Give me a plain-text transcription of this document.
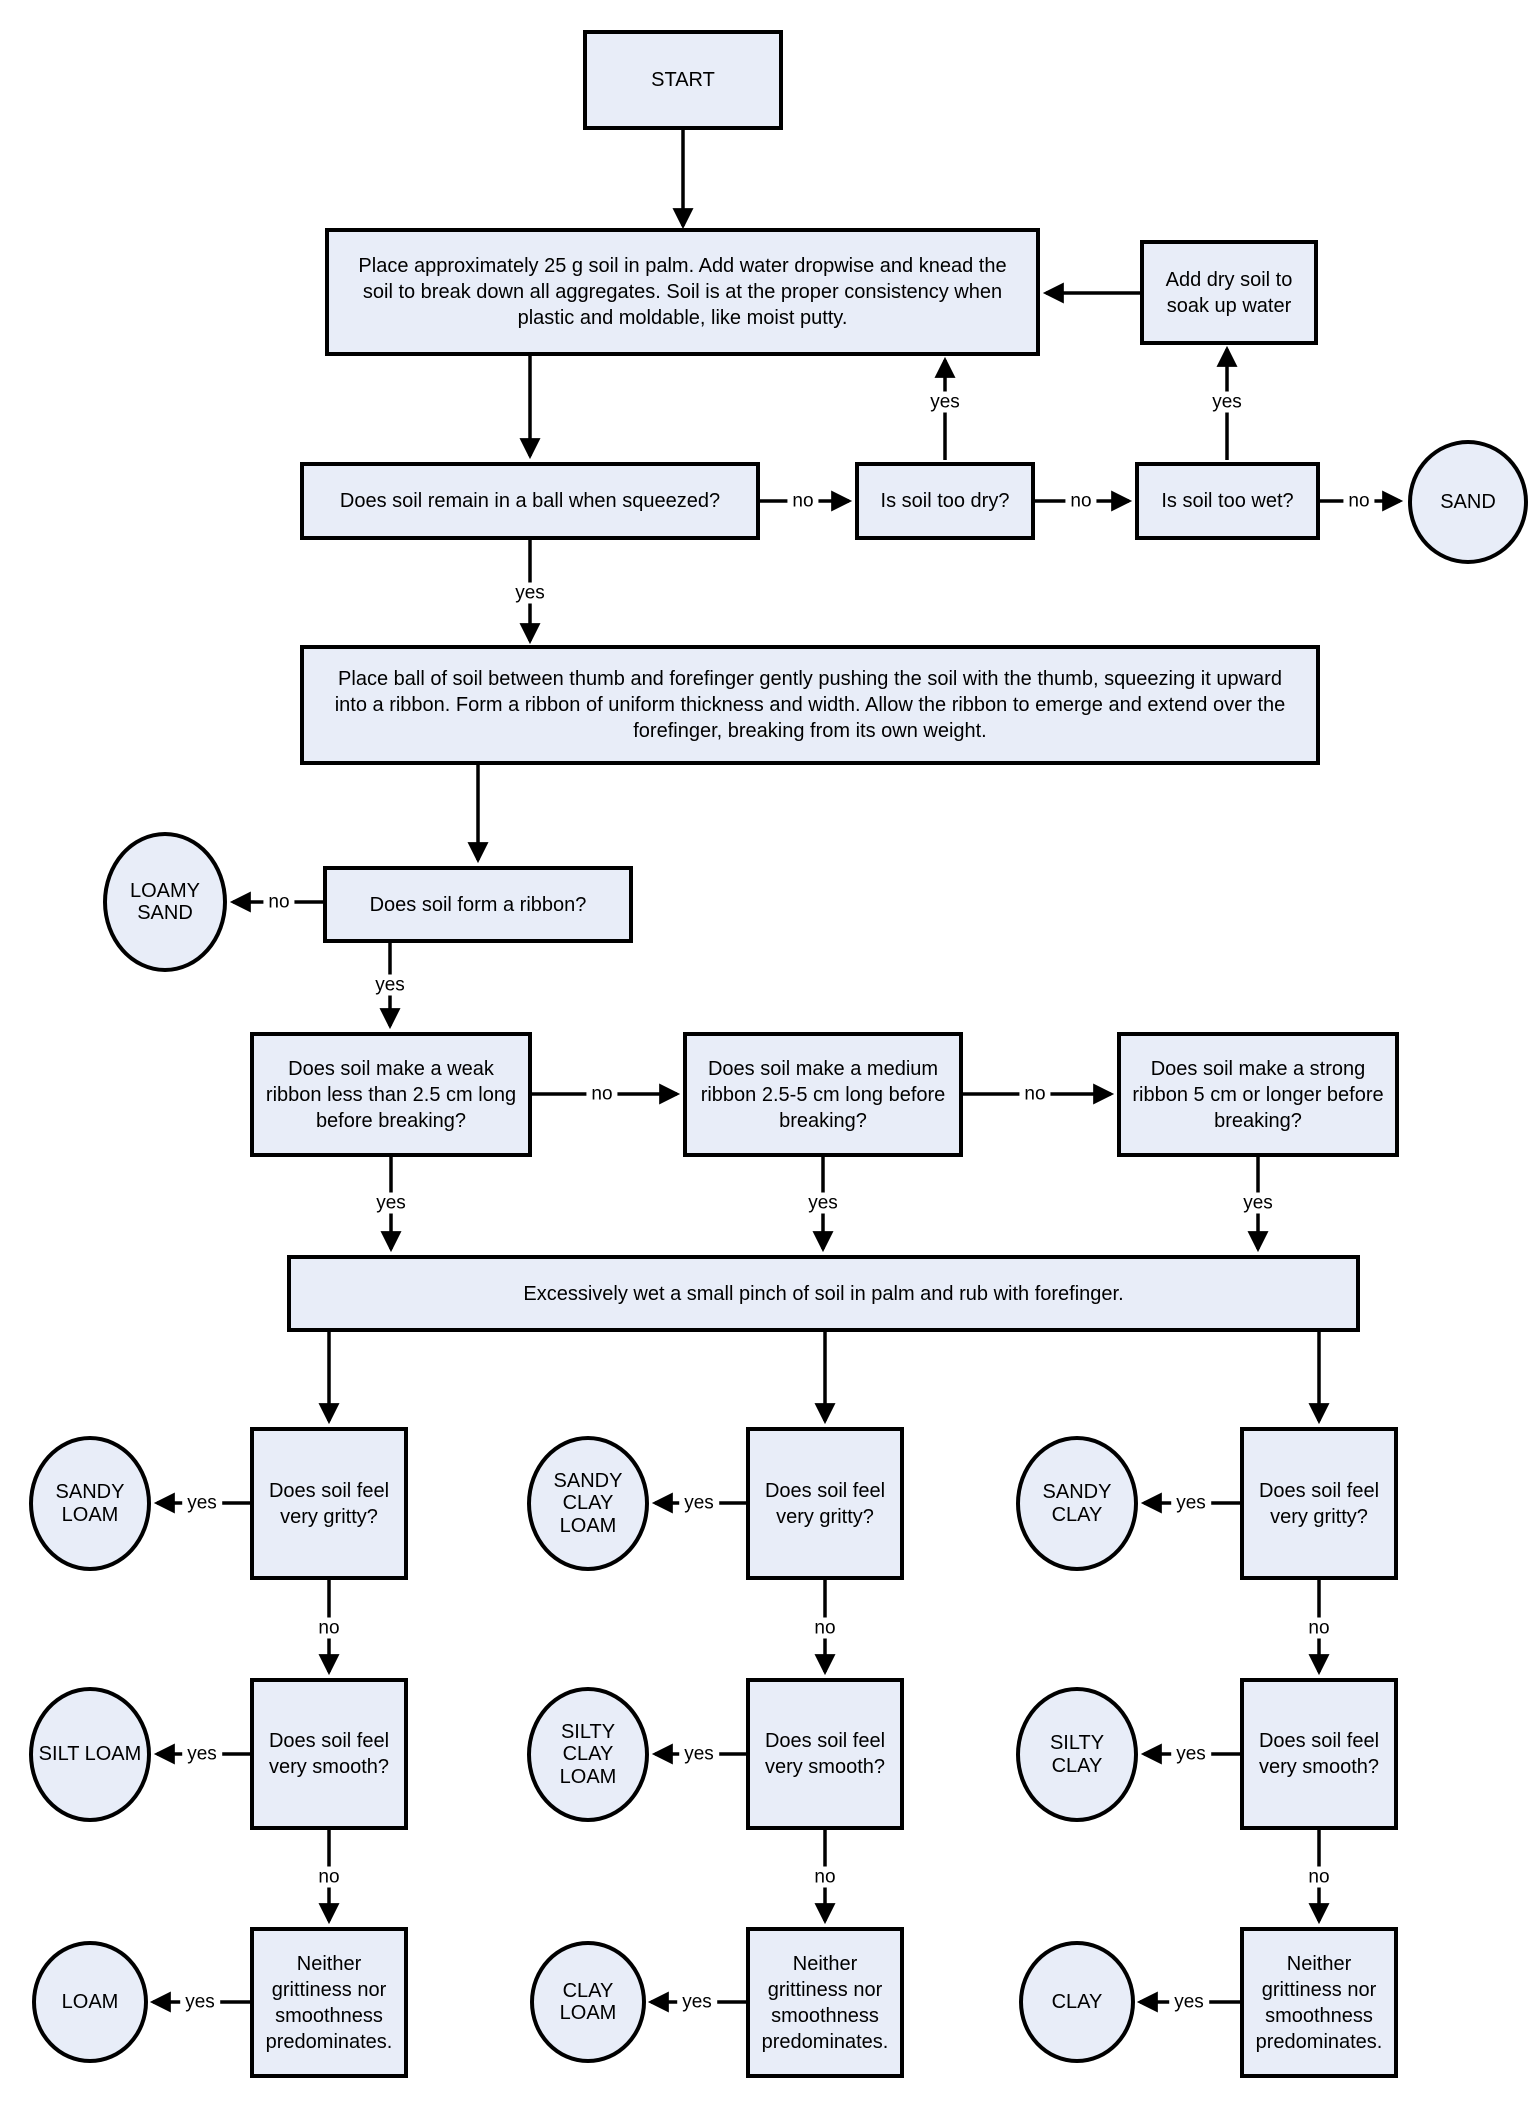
START
Place approximately 25 g soil in palm. Add water dropwise and knead the soil to break down all aggregates. Soil is at the proper consistency when plastic and moldable, like moist putty.
Add dry soil to soak up water
Does soil remain in a ball when squeezed?	Is soil too dry?	Is soil too wet?	SAND
Place ball of soil between thumb and forefinger gently pushing the soil with the thumb, squeezing it upward into a ribbon. Form a ribbon of uniform thickness and width. Allow the ribbon to emerge and extend over the forefinger, breaking from its own weight.
Does soil form a ribbon?
LOAMY SAND
Does soil make a weak ribbon less than 2.5 cm long before breaking?
Does soil make a medium ribbon 2.5-5 cm long before breaking?
Does soil make a strong ribbon 5 cm or longer before breaking?
Excessively wet a small pinch of soil in palm and rub with forefinger.
Does soil feel very gritty?
Does soil feel very gritty?
Does soil feel very gritty?
SANDY LOAM
SANDY CLAY LOAM
SANDY CLAY
Does soil feel very smooth?
Does soil feel very smooth?
Does soil feel very smooth?
SILT LOAM
SILTY CLAY LOAM
SILTY CLAY
Neither grittiness nor smoothness predominates.
Neither grittiness nor smoothness predominates.
Neither grittiness nor smoothness predominates.
LOAM
CLAY LOAM
CLAY
yes	yes
no	no	no
yes
no
yes
no	no
yes	yes	yes
yes	yes	yes
no	no	no
yes	yes	yes
no	no	no
yes	yes	yes
